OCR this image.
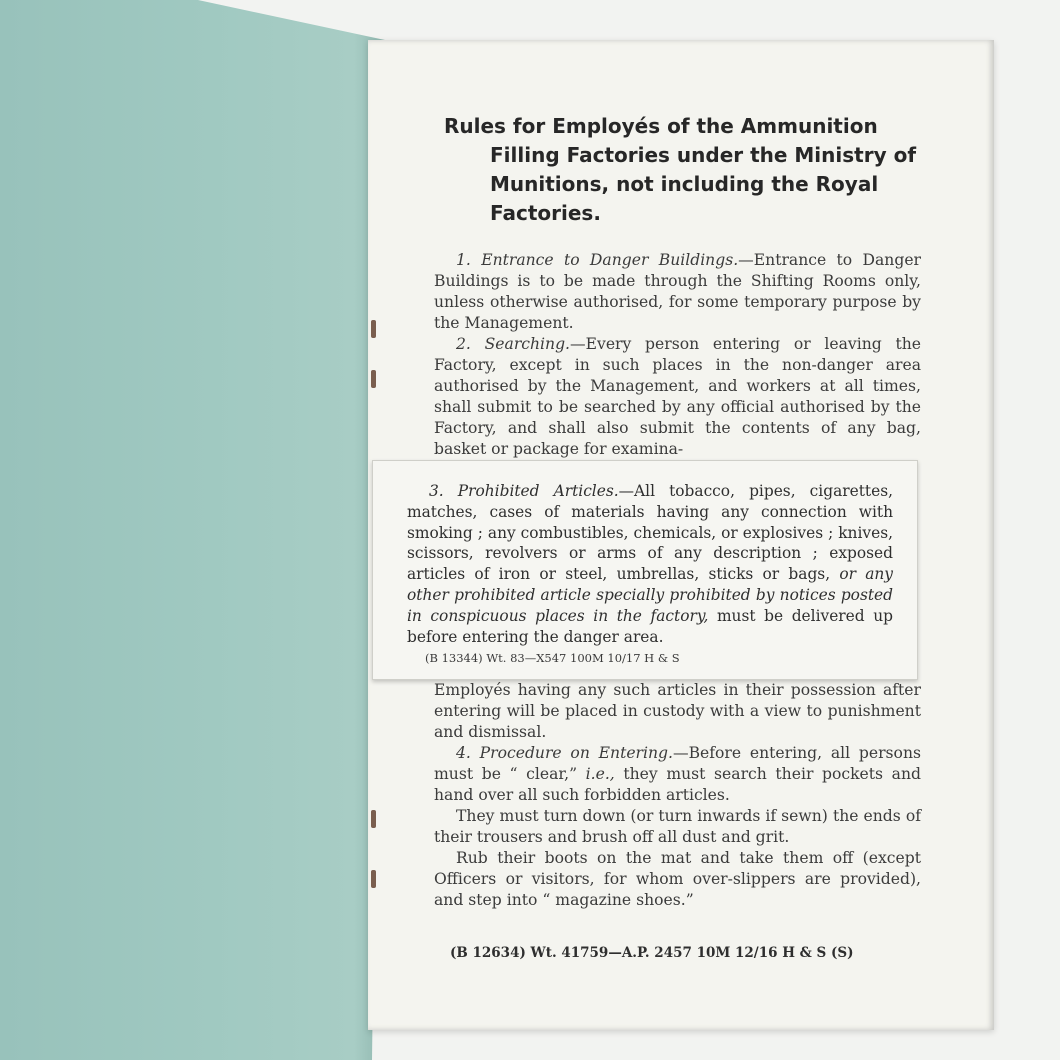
Rules for Employés of the Ammunition
Filling Factories under the Ministry of
Munitions, not including the Royal
Factories.

1. Entrance to Danger Buildings.—Entrance to Danger Buildings is to be made through the Shifting Rooms only, unless otherwise authorised, for some temporary purpose by the Management.

2. Searching.—Every person entering or leaving the Factory, except in such places in the non-danger area authorised by the Management, and workers at all times, shall submit to be searched by any official authorised by the Factory, and shall also submit the contents of any bag, basket or package for examina-

Employés having any such articles in their possession after entering will be placed in custody with a view to punishment and dismissal.

4. Procedure on Entering.—Before entering, all persons must be “ clear,” i.e., they must search their pockets and hand over all such forbidden articles.

They must turn down (or turn inwards if sewn) the ends of their trousers and brush off all dust and grit.

Rub their boots on the mat and take them off (except Officers or visitors, for whom over-slippers are provided), and step into “ magazine shoes.”

(B 12634) Wt. 41759—A.P. 2457 10M 12/16 H & S (S)

3. Prohibited Articles.—All tobacco, pipes, cigarettes, matches, cases of materials having any connection with smoking ; any combustibles, chemicals, or explosives ; knives, scissors, revolvers or arms of any description ; exposed articles of iron or steel, umbrellas, sticks or bags, or any other prohibited article specially prohibited by notices posted in conspicuous places in the factory, must be delivered up before entering the danger area.

(B 13344) Wt. 83—X547 100M 10/17 H & S
